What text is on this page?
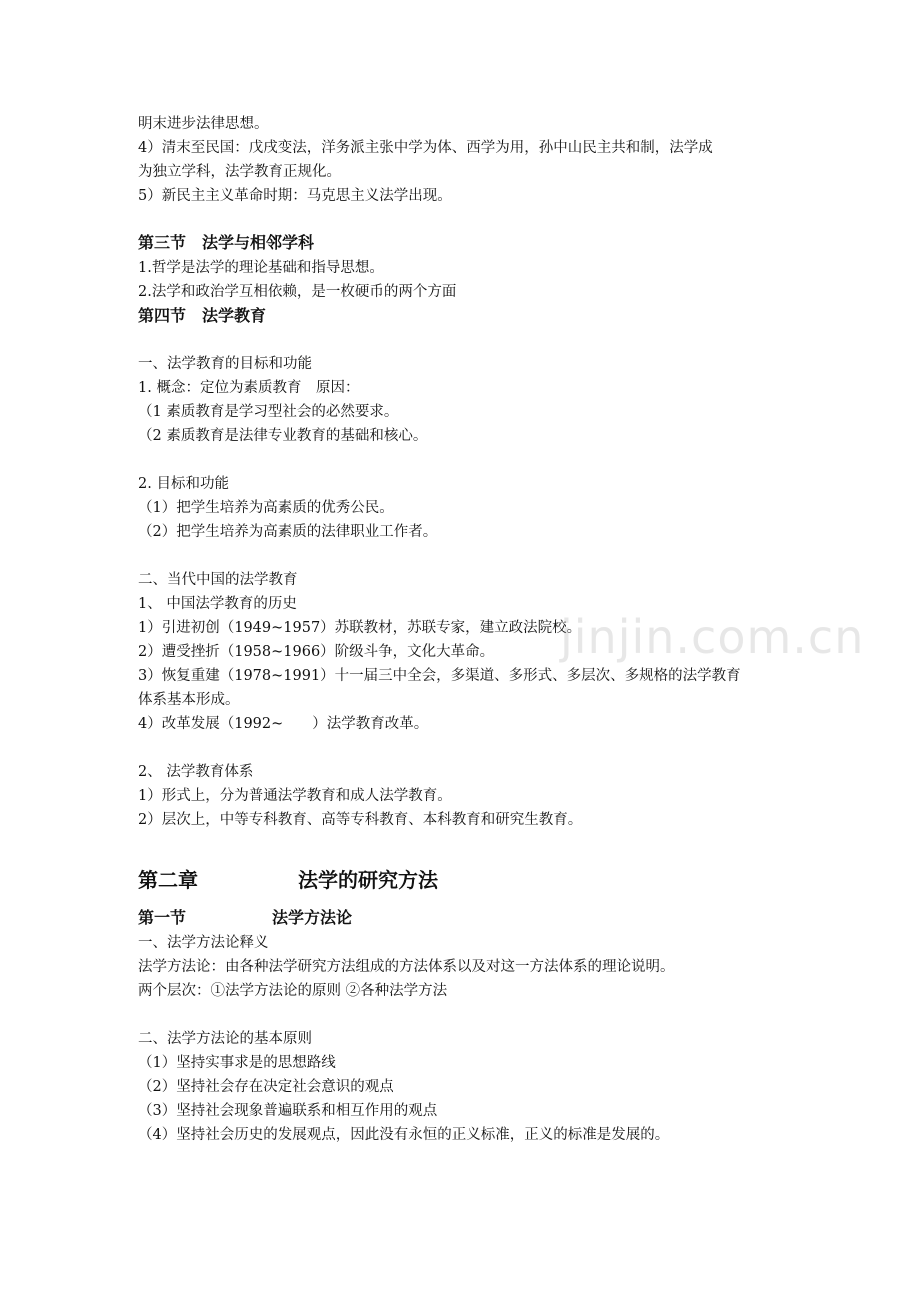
明末进步法律思想。
4）清末至民国：戊戌变法，洋务派主张中学为体、西学为用，孙中山民主共和制，法学成
为独立学科，法学教育正规化。
5）新民主主义革命时期：马克思主义法学出现。
第三节　法学与相邻学科
1.哲学是法学的理论基础和指导思想。
2.法学和政治学互相依赖，是一枚硬币的两个方面
第四节　法学教育
一、法学教育的目标和功能
1. 概念：定位为素质教育　原因：
（1 素质教育是学习型社会的必然要求。
（2 素质教育是法律专业教育的基础和核心。
2. 目标和功能
（1）把学生培养为高素质的优秀公民。
（2）把学生培养为高素质的法律职业工作者。
二、当代中国的法学教育
1、 中国法学教育的历史
1）引进初创（1949~1957）苏联教材，苏联专家，建立政法院校。
2）遭受挫折（1958~1966）阶级斗争，文化大革命。
3）恢复重建（1978~1991）十一届三中全会，多渠道、多形式、多层次、多规格的法学教育
体系基本形成。
4）改革发展（1992~　　）法学教育改革。
2、 法学教育体系
1）形式上，分为普通法学教育和成人法学教育。
2）层次上，中等专科教育、高等专科教育、本科教育和研究生教育。
第二章	法学的研究方法
第一节	法学方法论
一、法学方法论释义
法学方法论：由各种法学研究方法组成的方法体系以及对这一方法体系的理论说明。
两个层次：①法学方法论的原则 ②各种法学方法
二、法学方法论的基本原则
（1）坚持实事求是的思想路线
（2）坚持社会存在决定社会意识的观点
（3）坚持社会现象普遍联系和相互作用的观点
（4）坚持社会历史的发展观点，因此没有永恒的正义标准，正义的标准是发展的。
jinjin.com.cn
